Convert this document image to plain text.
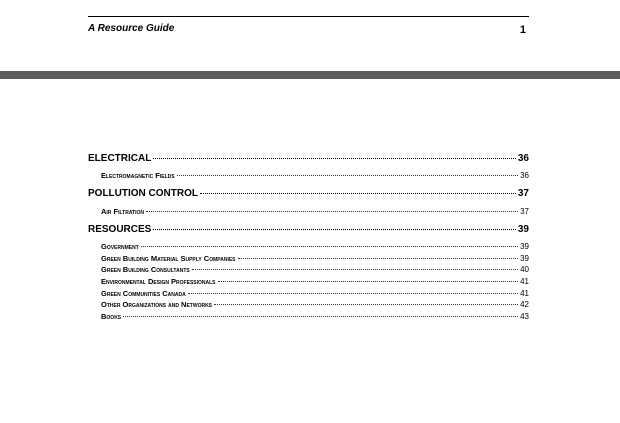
A Resource Guide	1
ELECTRICAL	36
Electromagnetic Fields	36
POLLUTION CONTROL	37
Air Filtration	37
RESOURCES	39
Government	39
Green Building Material Supply Companies	39
Green Building Consultants	40
Environmental Design Professionals	41
Green Communities Canada	41
Other Organizations and Networks	42
Books	43
